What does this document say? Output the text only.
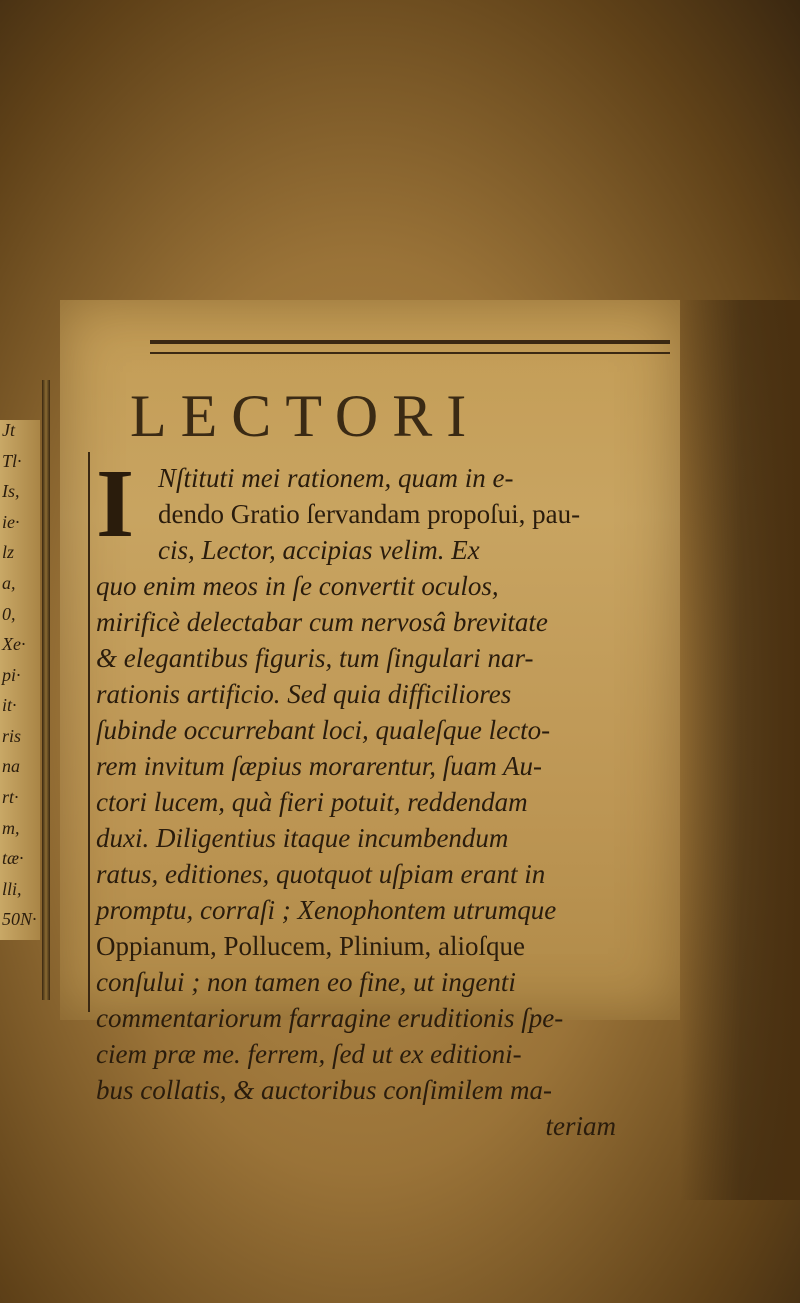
Jt
Tl·
Is,
ie·
lz
a,
0,
Xe·
pi·
it·
ris
na
rt·
m,
tæ·
lli,
50N·
LECTORI
I Nſtituti mei rationem, quam in e-
dendo Gratio ſervandam propoſui, pau-
cis, Lector, accipias velim. Ex
quo enim meos in ſe convertit oculos,
mirificè delectabar cum nervosâ brevitate
& elegantibus figuris, tum ſingulari nar-
rationis artificio. Sed quia difficiliores
ſubinde occurrebant loci, qualeſque lecto-
rem invitum ſæpius morarentur, ſuam Au-
ctori lucem, quà fieri potuit, reddendam
duxi. Diligentius itaque incumbendum
ratus, editiones, quotquot uſpiam erant in
promptu, corraſi ; Xenophontem utrumque
Oppianum, Pollucem, Plinium, alioſque
conſului ; non tamen eo fine, ut ingenti
commentariorum farragine eruditionis ſpe-
ciem præ me. ferrem, ſed ut ex editioni-
bus collatis, & auctoribus conſimilem ma-
teriam
